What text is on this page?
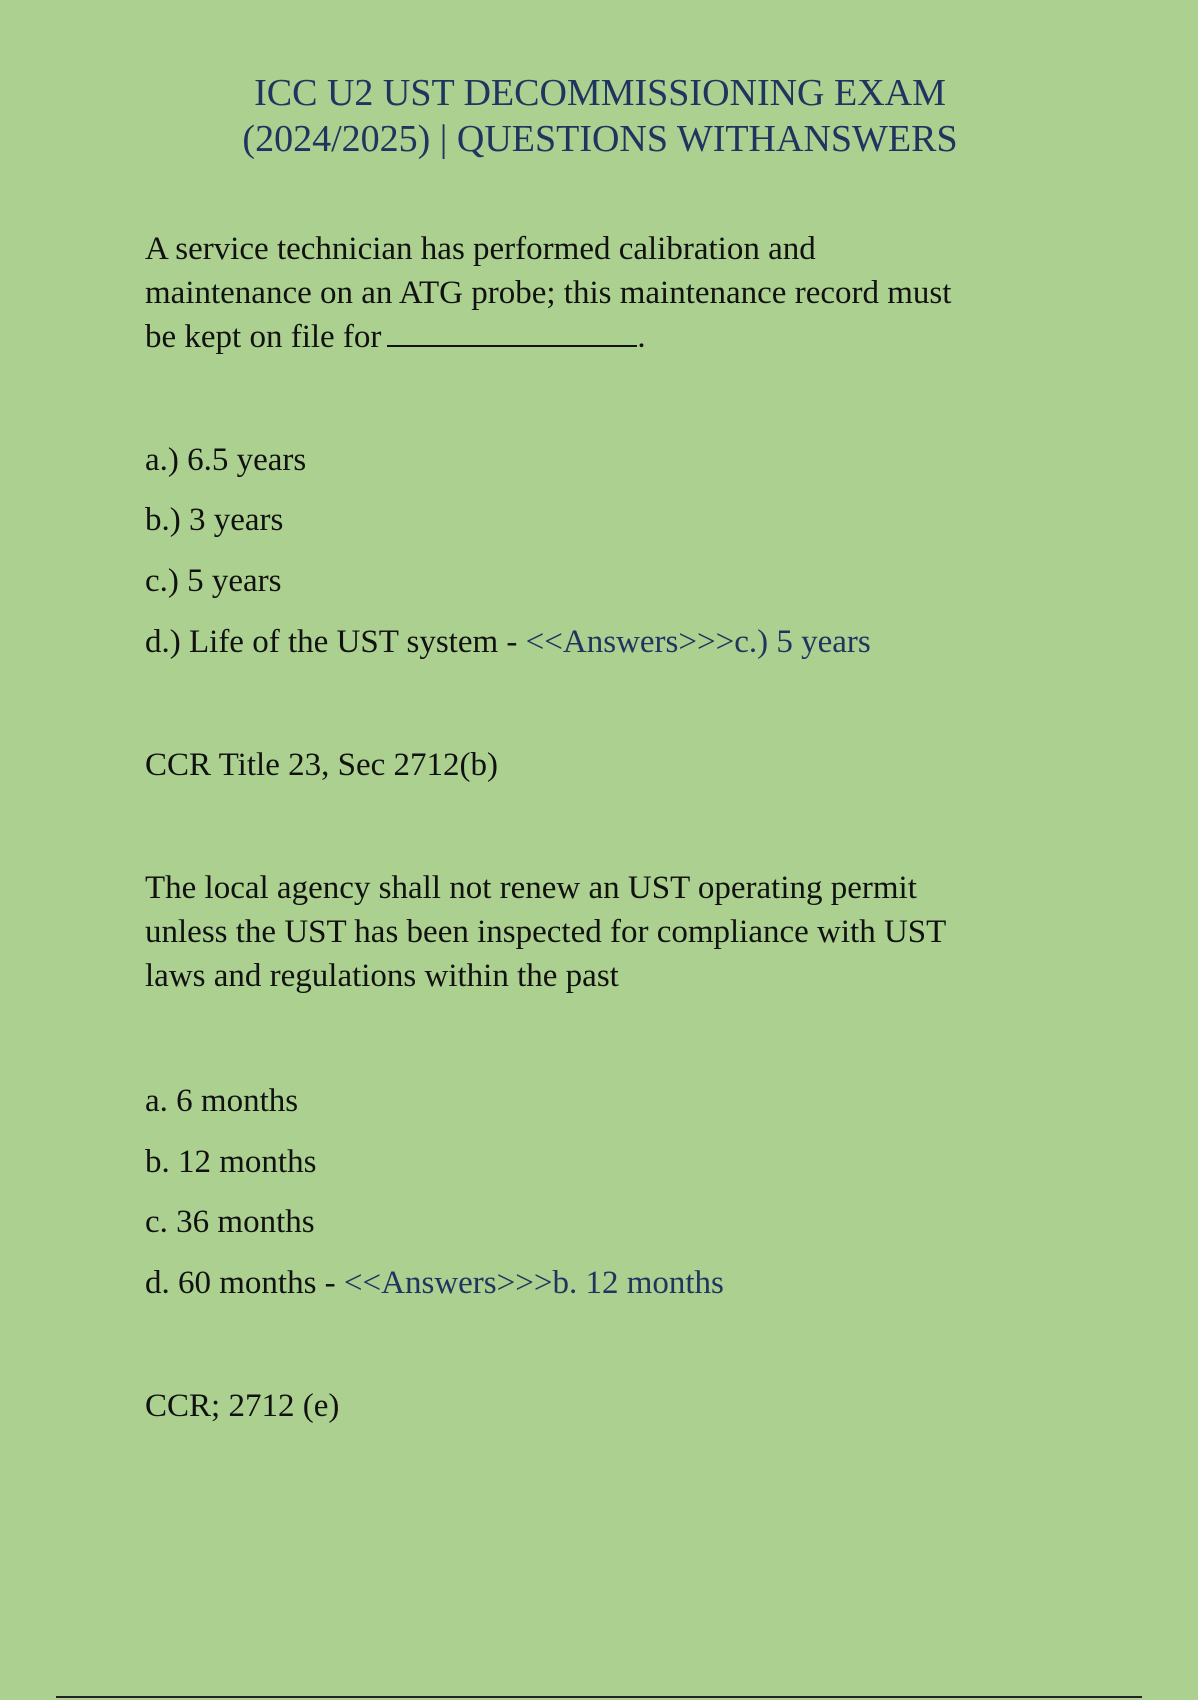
ICC U2 UST DECOMMISSIONING EXAM
(2024/2025) | QUESTIONS WITHANSWERS
A service technician has performed calibration and
maintenance on an ATG probe; this maintenance record must
be kept on file for	.
a.) 6.5 years
b.) 3 years
c.) 5 years
d.) Life of the UST system - <<Answers>>>c.) 5 years
CCR Title 23, Sec 2712(b)
The local agency shall not renew an UST operating permit
unless the UST has been inspected for compliance with UST
laws and regulations within the past
a. 6 months
b. 12 months
c. 36 months
d. 60 months - <<Answers>>>b. 12 months
CCR; 2712 (e)
